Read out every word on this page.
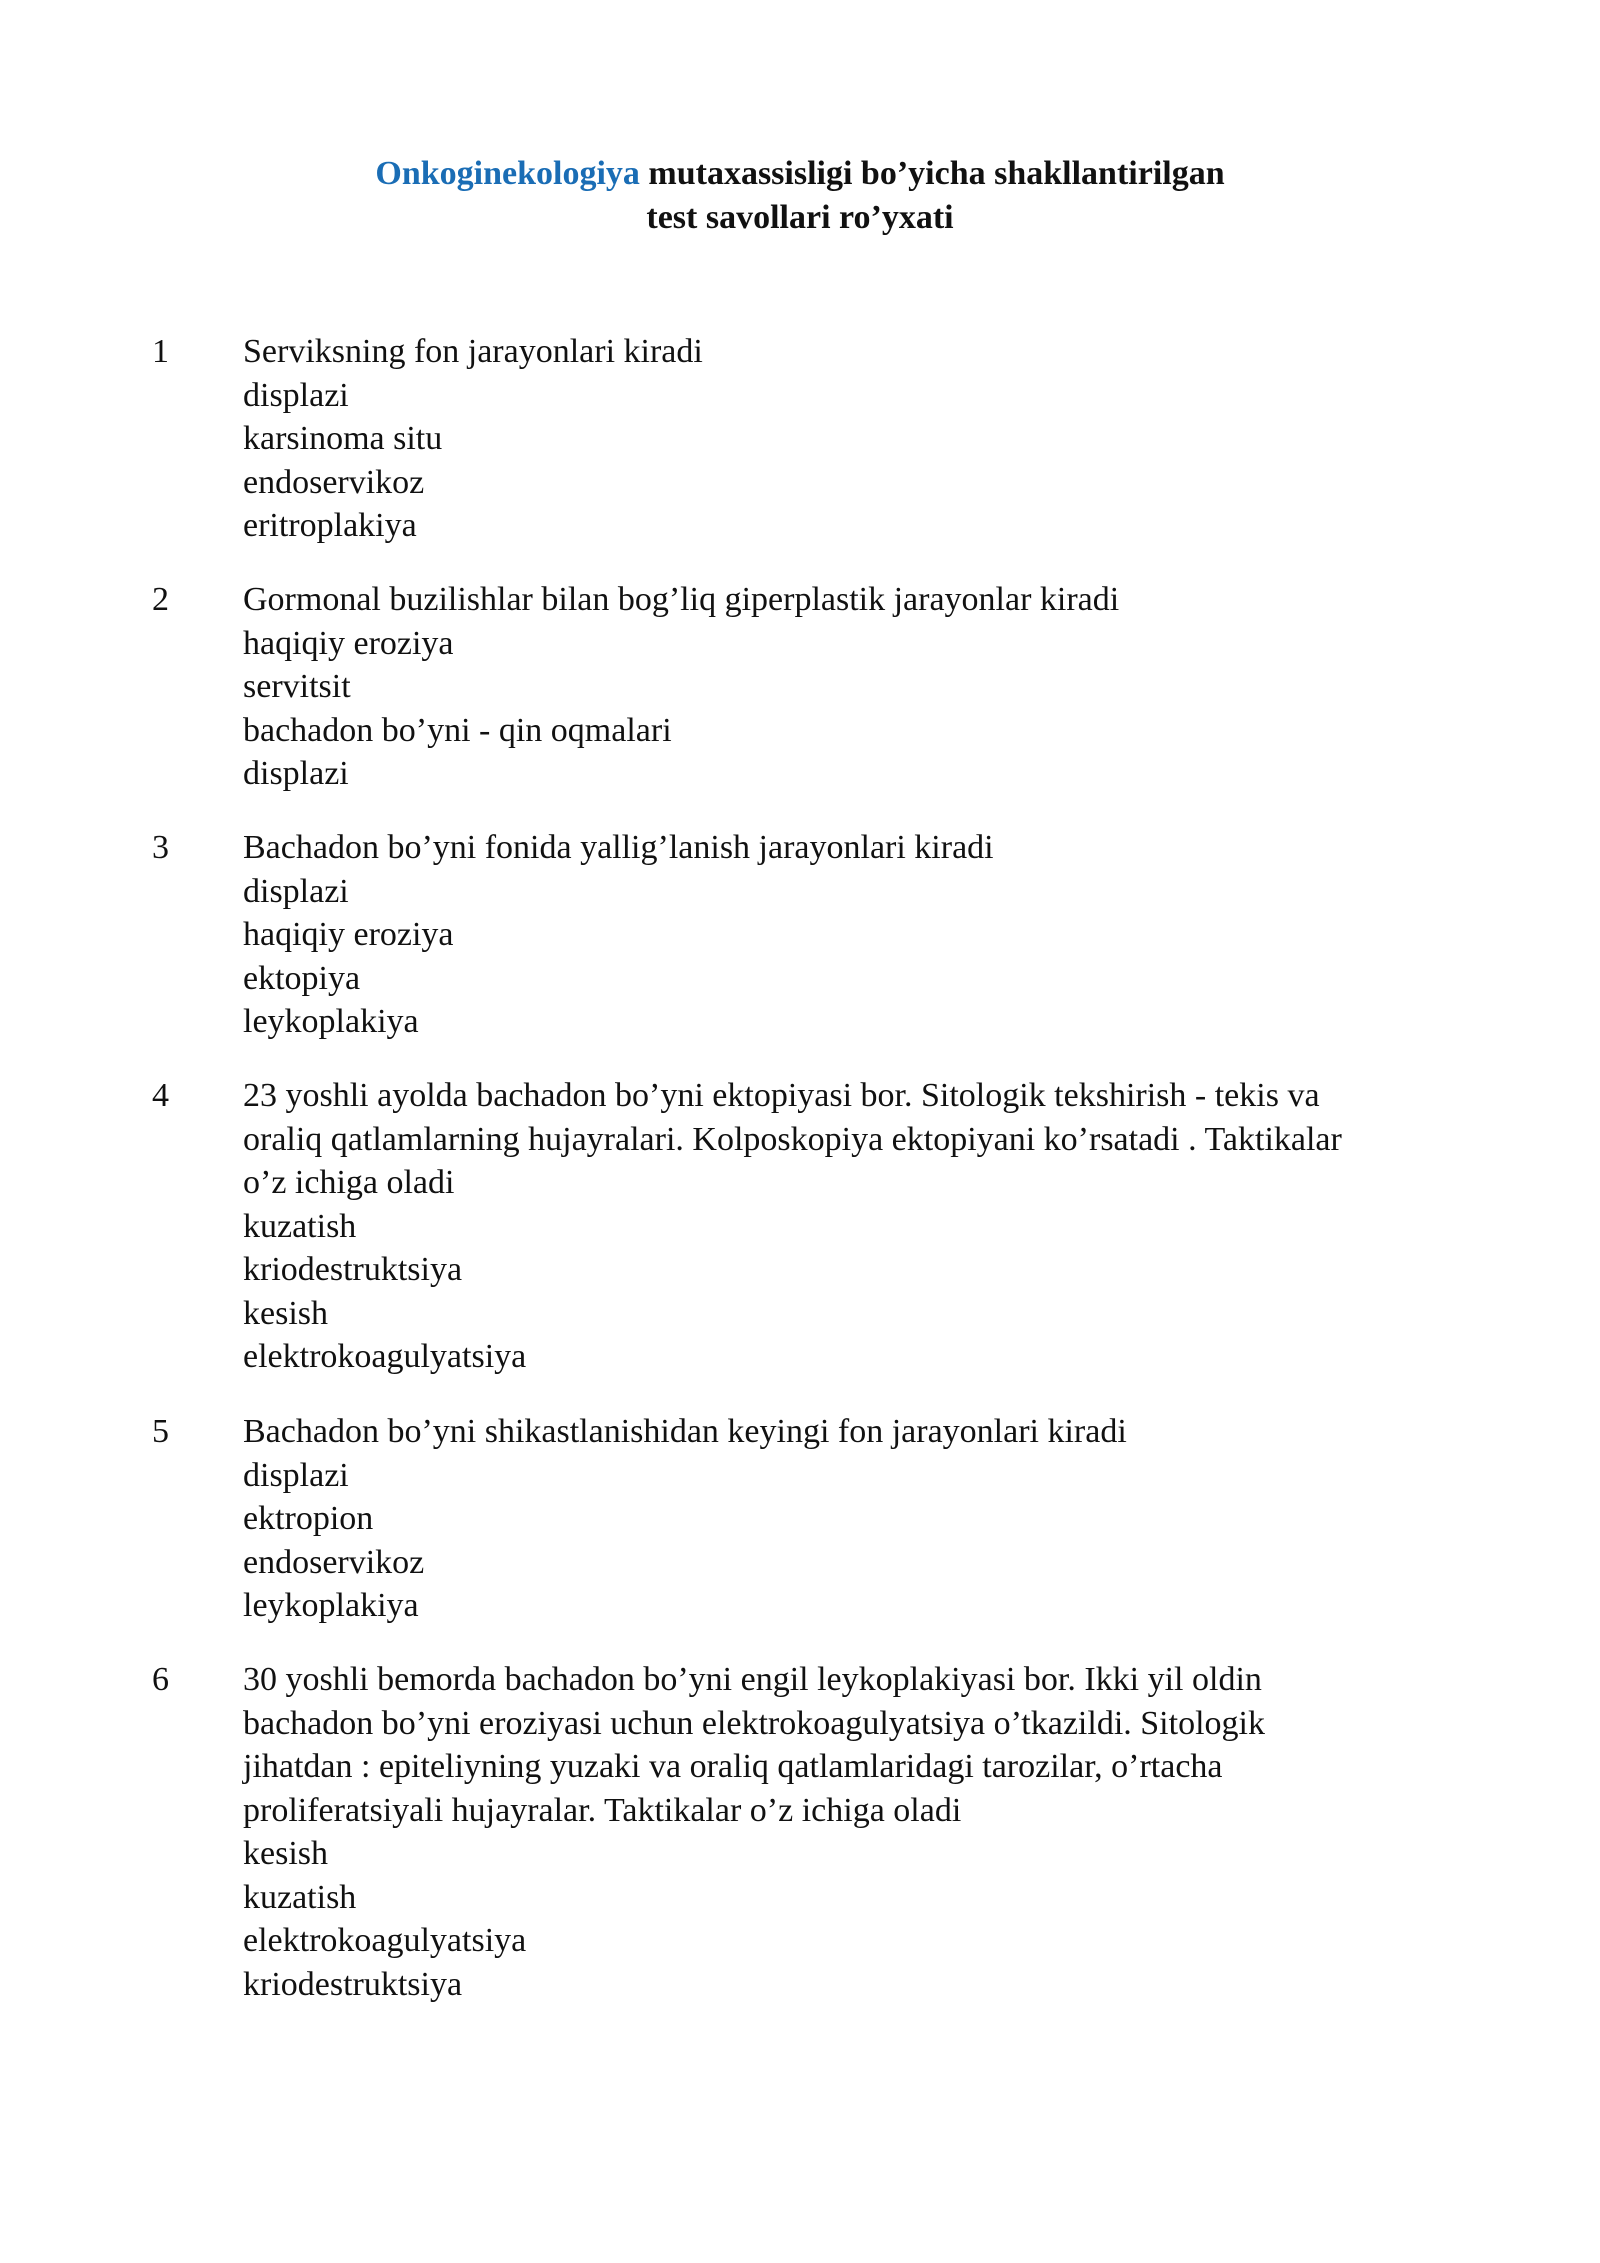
Onkoginekologiya mutaxassisligi bo’yicha shakllantirilgan
test savollari ro’yxati
1 Serviksning fon jarayonlari kiradi
displazi
karsinoma situ
endoservikoz
eritroplakiya
2 Gormonal buzilishlar bilan bog’liq giperplastik jarayonlar kiradi
haqiqiy eroziya
servitsit
bachadon bo’yni - qin oqmalari
displazi
3 Bachadon bo’yni fonida yallig’lanish jarayonlari kiradi
displazi
haqiqiy eroziya
ektopiya
leykoplakiya
4 23 yoshli ayolda bachadon bo’yni ektopiyasi bor. Sitologik tekshirish - tekis va
oraliq qatlamlarning hujayralari. Kolposkopiya ektopiyani ko’rsatadi . Taktikalar
o’z ichiga oladi
kuzatish
kriodestruktsiya
kesish
elektrokoagulyatsiya
5 Bachadon bo’yni shikastlanishidan keyingi fon jarayonlari kiradi
displazi
ektropion
endoservikoz
leykoplakiya
6 30 yoshli bemorda bachadon bo’yni engil leykoplakiyasi bor. Ikki yil oldin
bachadon bo’yni eroziyasi uchun elektrokoagulyatsiya o’tkazildi. Sitologik
jihatdan : epiteliyning yuzaki va oraliq qatlamlaridagi tarozilar, o’rtacha
proliferatsiyali hujayralar. Taktikalar o’z ichiga oladi
kesish
kuzatish
elektrokoagulyatsiya
kriodestruktsiya
